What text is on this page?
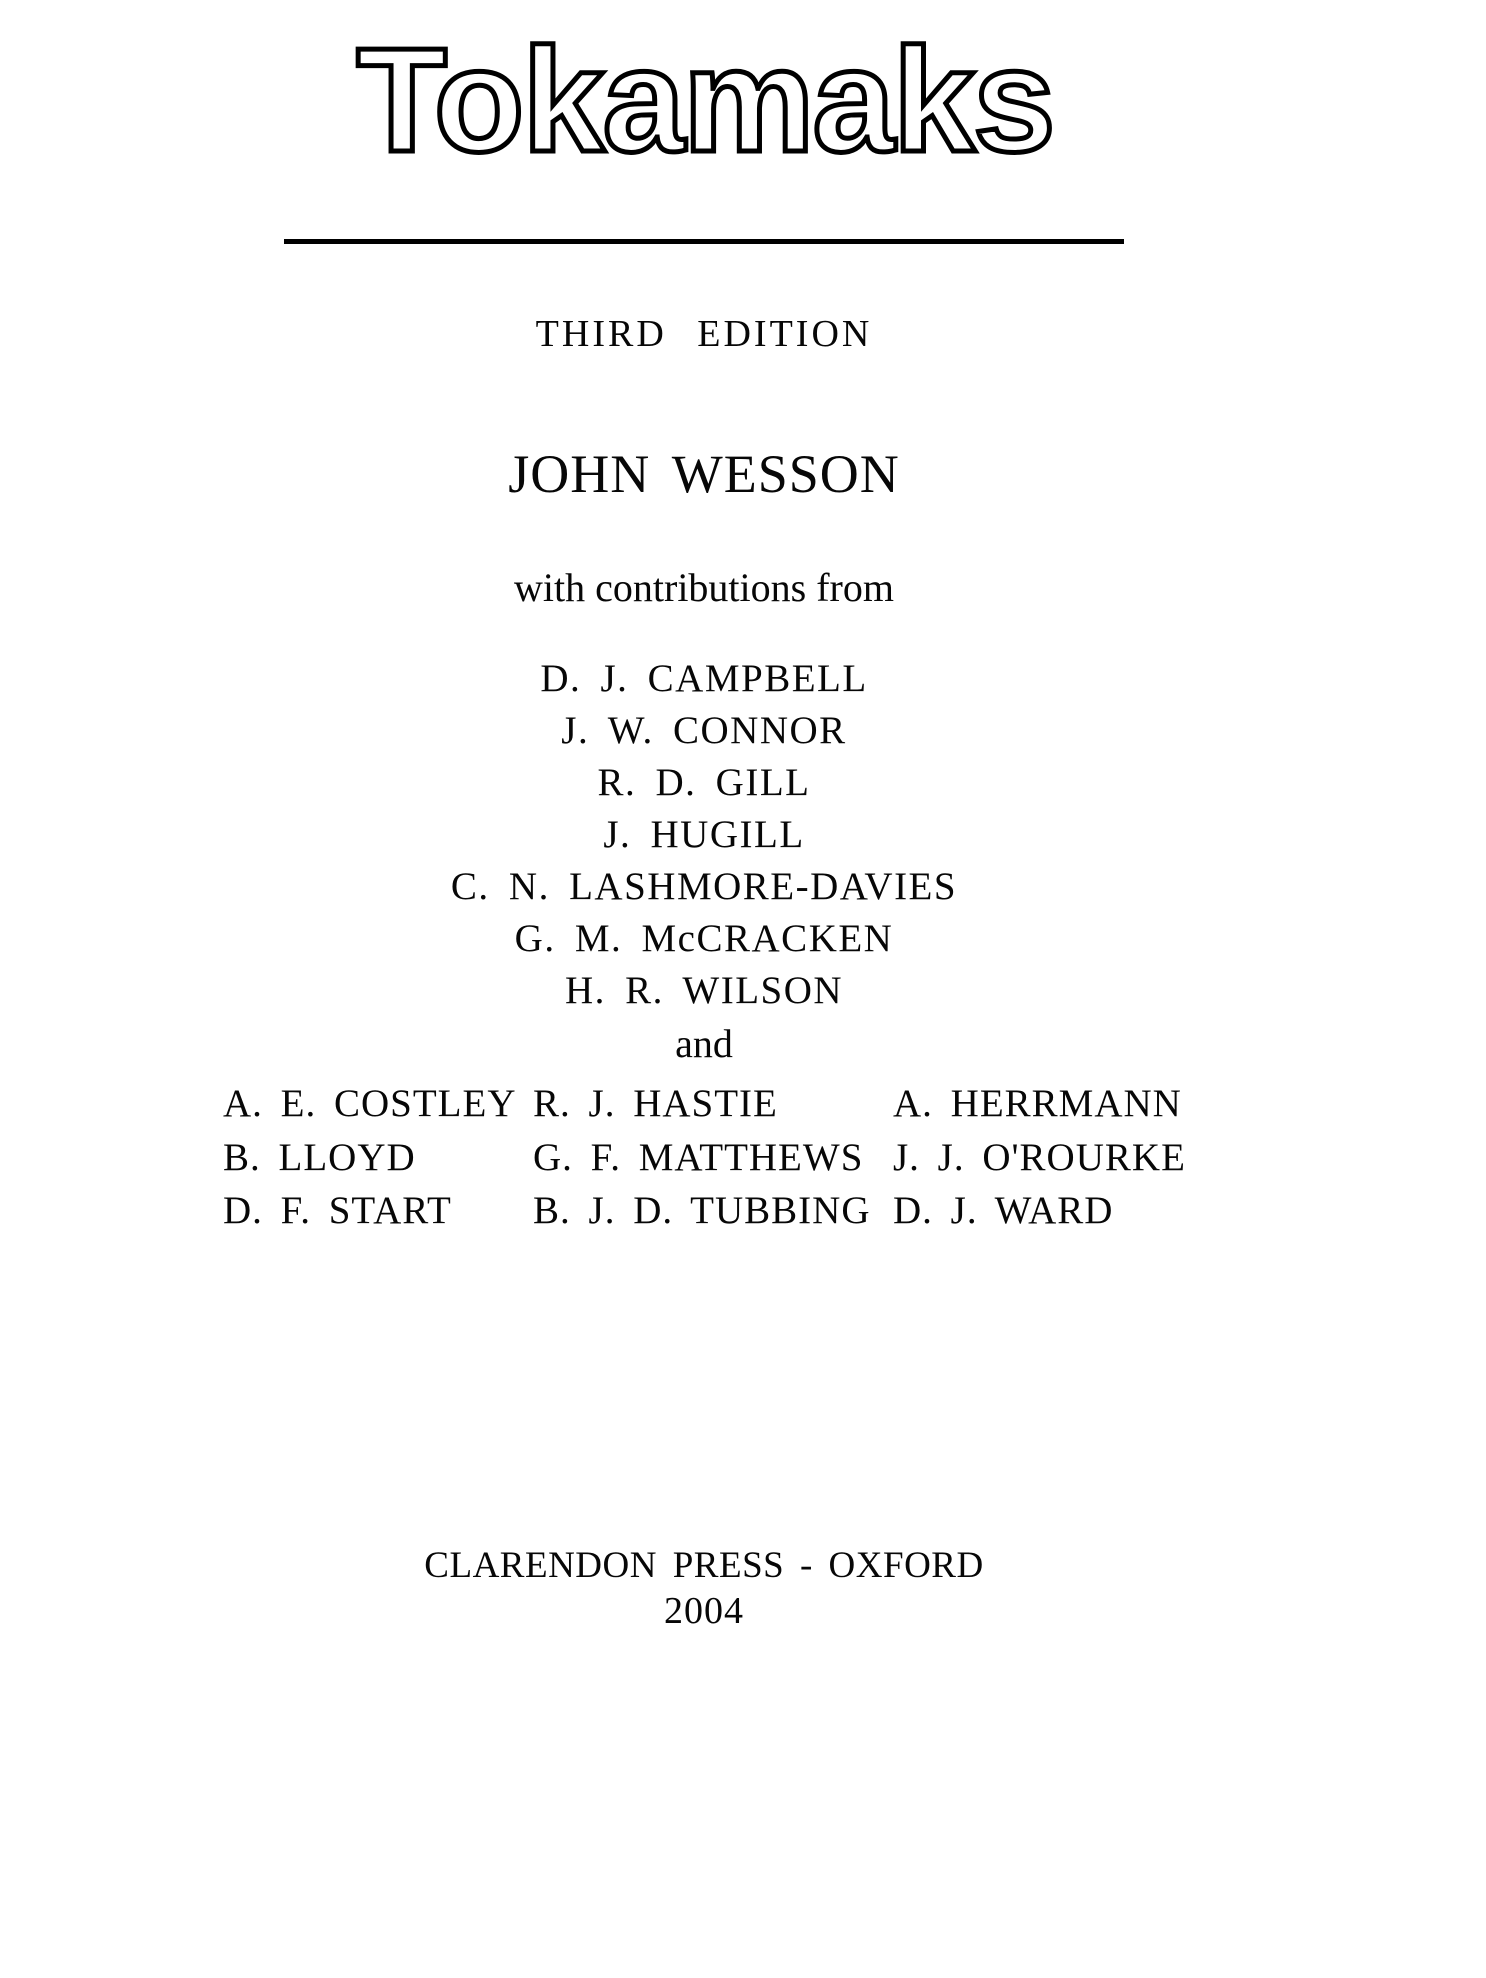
Tokamaks
THIRD EDITION
JOHN WESSON
with contributions from
D. J. CAMPBELL
J. W. CONNOR
R. D. GILL
J. HUGILL
C. N. LASHMORE-DAVIES
G. M. McCRACKEN
H. R. WILSON
and
A. E. COSTLEY R. J. HASTIE	A. HERRMANN
B. LLOYD	G. F. MATTHEWS J. J. O'ROURKE
D. F. START B. J. D. TUBBING D. J. WARD
CLARENDON PRESS - OXFORD
2004
